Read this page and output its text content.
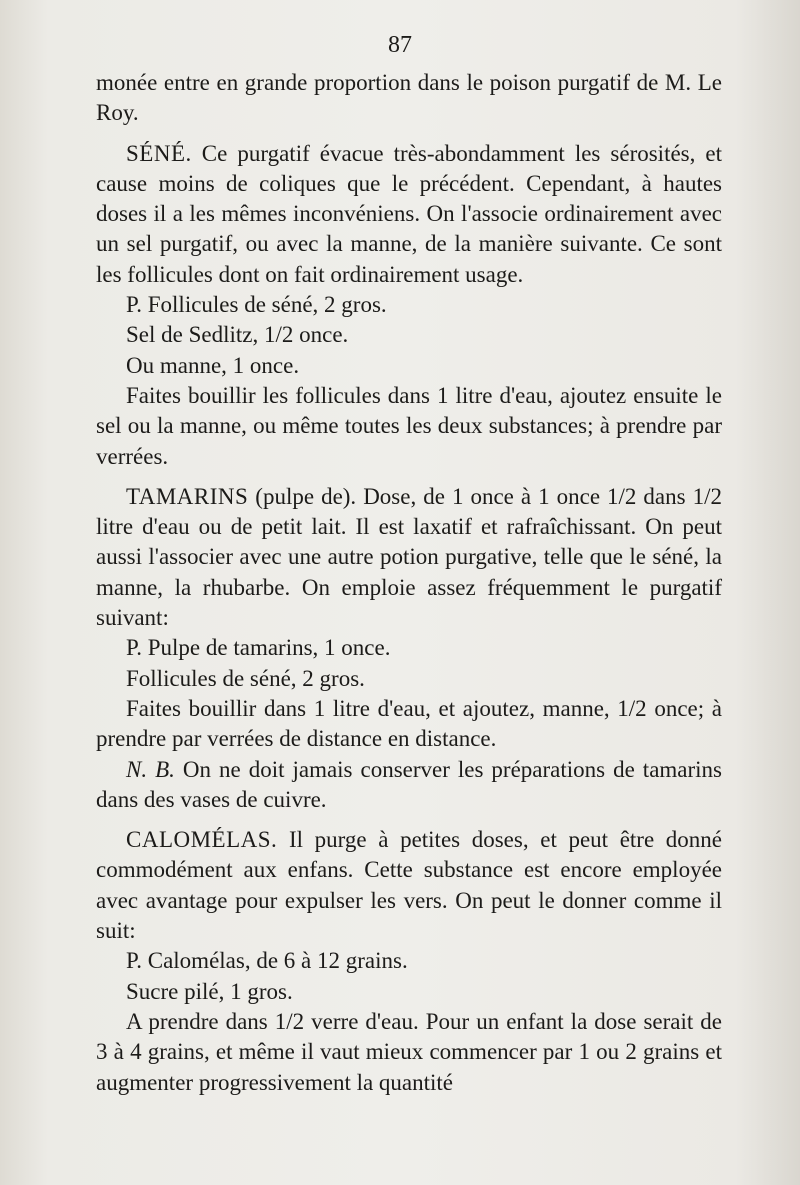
87

monée entre en grande proportion dans le poison purgatif de M. Le Roy.

SÉNÉ. Ce purgatif évacue très-abondamment les sérosités, et cause moins de coliques que le précédent. Cependant, à hautes doses il a les mêmes inconvéniens. On l'associe ordinairement avec un sel purgatif, ou avec la manne, de la manière suivante. Ce sont les follicules dont on fait ordinairement usage.

P. Follicules de séné, 2 gros.

Sel de Sedlitz, 1/2 once.

Ou manne, 1 once.

Faites bouillir les follicules dans 1 litre d'eau, ajoutez ensuite le sel ou la manne, ou même toutes les deux substances; à prendre par verrées.

TAMARINS (pulpe de). Dose, de 1 once à 1 once 1/2 dans 1/2 litre d'eau ou de petit lait. Il est laxatif et rafraîchissant. On peut aussi l'associer avec une autre potion purgative, telle que le séné, la manne, la rhubarbe. On emploie assez fréquemment le purgatif suivant:

P. Pulpe de tamarins, 1 once.

Follicules de séné, 2 gros.

Faites bouillir dans 1 litre d'eau, et ajoutez, manne, 1/2 once; à prendre par verrées de distance en distance.

N. B. On ne doit jamais conserver les préparations de tamarins dans des vases de cuivre.

CALOMÉLAS. Il purge à petites doses, et peut être donné commodément aux enfans. Cette substance est encore employée avec avantage pour expulser les vers. On peut le donner comme il suit:

P. Calomélas, de 6 à 12 grains.

Sucre pilé, 1 gros.

A prendre dans 1/2 verre d'eau. Pour un enfant la dose serait de 3 à 4 grains, et même il vaut mieux commencer par 1 ou 2 grains et augmenter progressivement la quantité
